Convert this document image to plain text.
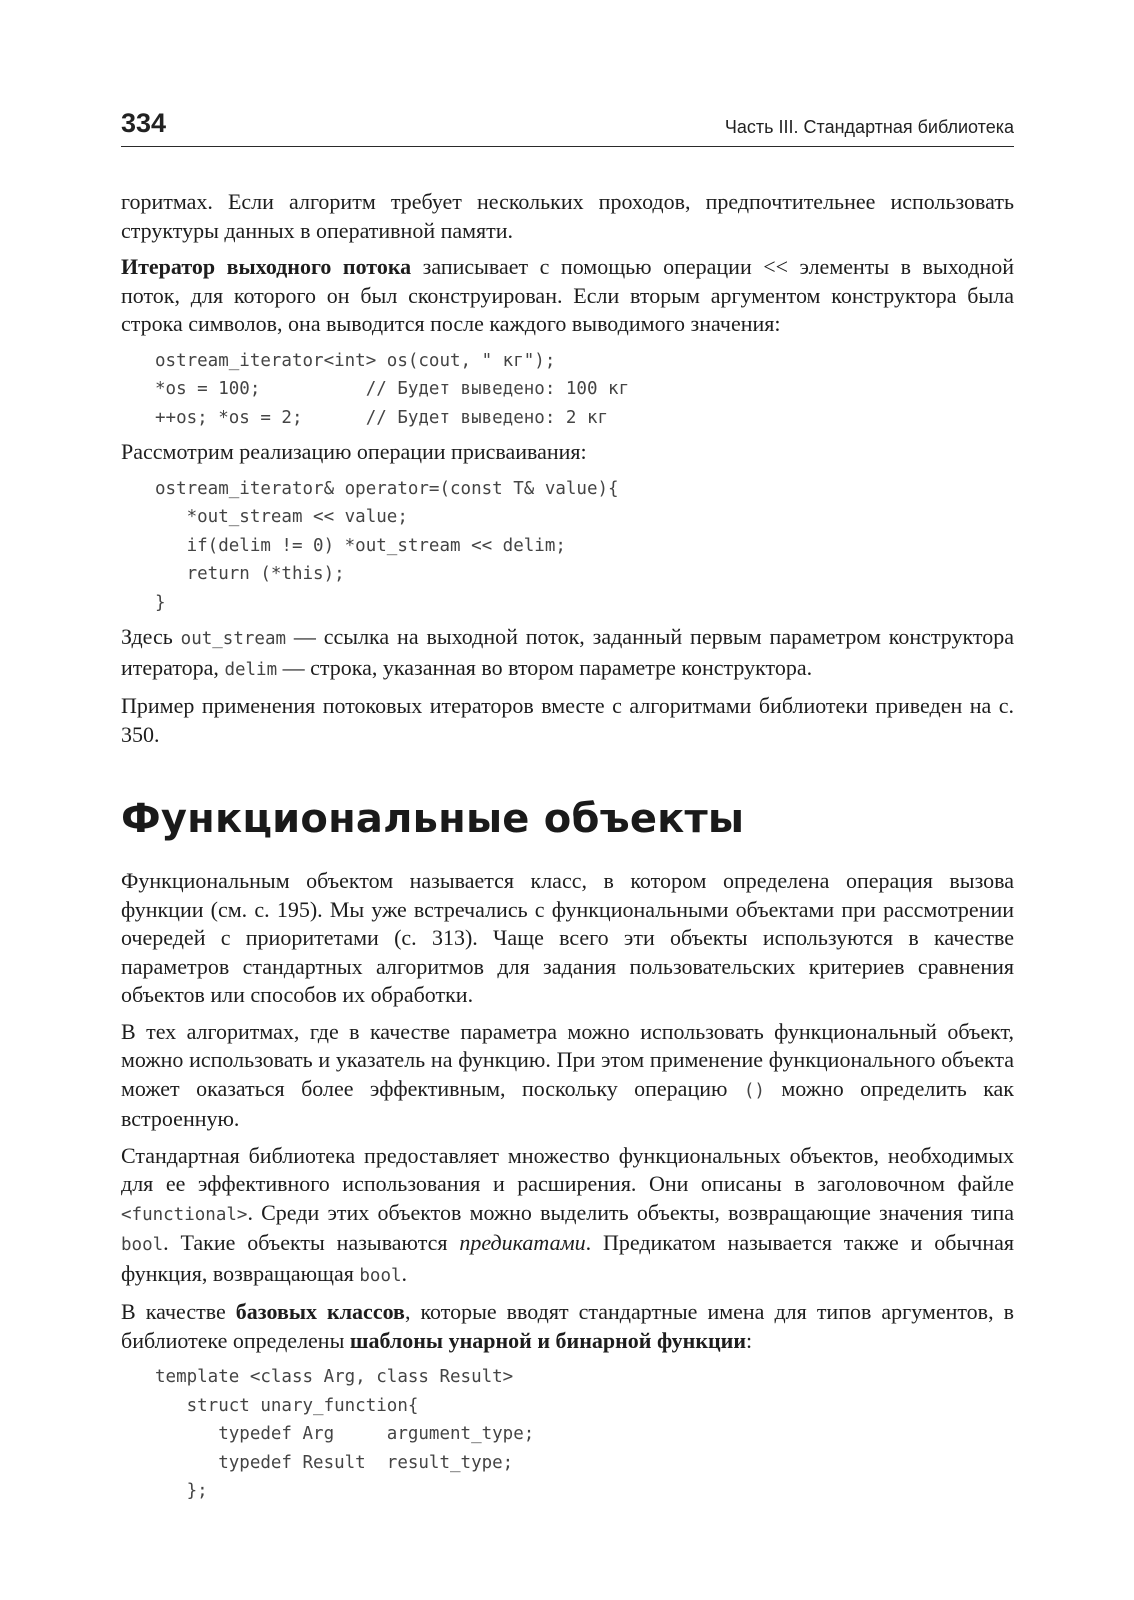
334	Часть III. Стандартная библиотека

горитмах. Если алгоритм требует нескольких проходов, предпочтительнее использовать структуры данных в оперативной памяти.

Итератор выходного потока записывает с помощью операции << элементы в выходной поток, для которого он был сконструирован. Если вторым аргументом конструктора была строка символов, она выводится после каждого выводимого значения:

ostream_iterator<int> os(cout, " кг");
*os = 100;          // Будет выведено: 100 кг
++os; *os = 2;      // Будет выведено: 2 кг

Рассмотрим реализацию операции присваивания:

ostream_iterator& operator=(const T& value){
*out_stream << value;
if(delim != 0) *out_stream << delim;
return (*this);
}

Здесь out_stream — ссылка на выходной поток, заданный первым параметром конструктора итератора, delim — строка, указанная во втором параметре конструктора.

Пример применения потоковых итераторов вместе с алгоритмами библиотеки приведен на с. 350.

Функциональные объекты

Функциональным объектом называется класс, в котором определена операция вызова функции (см. с. 195). Мы уже встречались с функциональными объектами при рассмотрении очередей с приоритетами (с. 313). Чаще всего эти объекты используются в качестве параметров стандартных алгоритмов для задания пользовательских критериев сравнения объектов или способов их обработки.

В тех алгоритмах, где в качестве параметра можно использовать функциональный объект, можно использовать и указатель на функцию. При этом применение функционального объекта может оказаться более эффективным, поскольку операцию () можно определить как встроенную.

Стандартная библиотека предоставляет множество функциональных объектов, необходимых для ее эффективного использования и расширения. Они описаны в заголовочном файле <functional>. Среди этих объектов можно выделить объекты, возвращающие значения типа bool. Такие объекты называются предикатами. Предикатом называется также и обычная функция, возвращающая bool.

В качестве базовых классов, которые вводят стандартные имена для типов аргументов, в библиотеке определены шаблоны унарной и бинарной функции:

template <class Arg, class Result>
struct unary_function{
typedef Arg     argument_type;
typedef Result  result_type;
};
